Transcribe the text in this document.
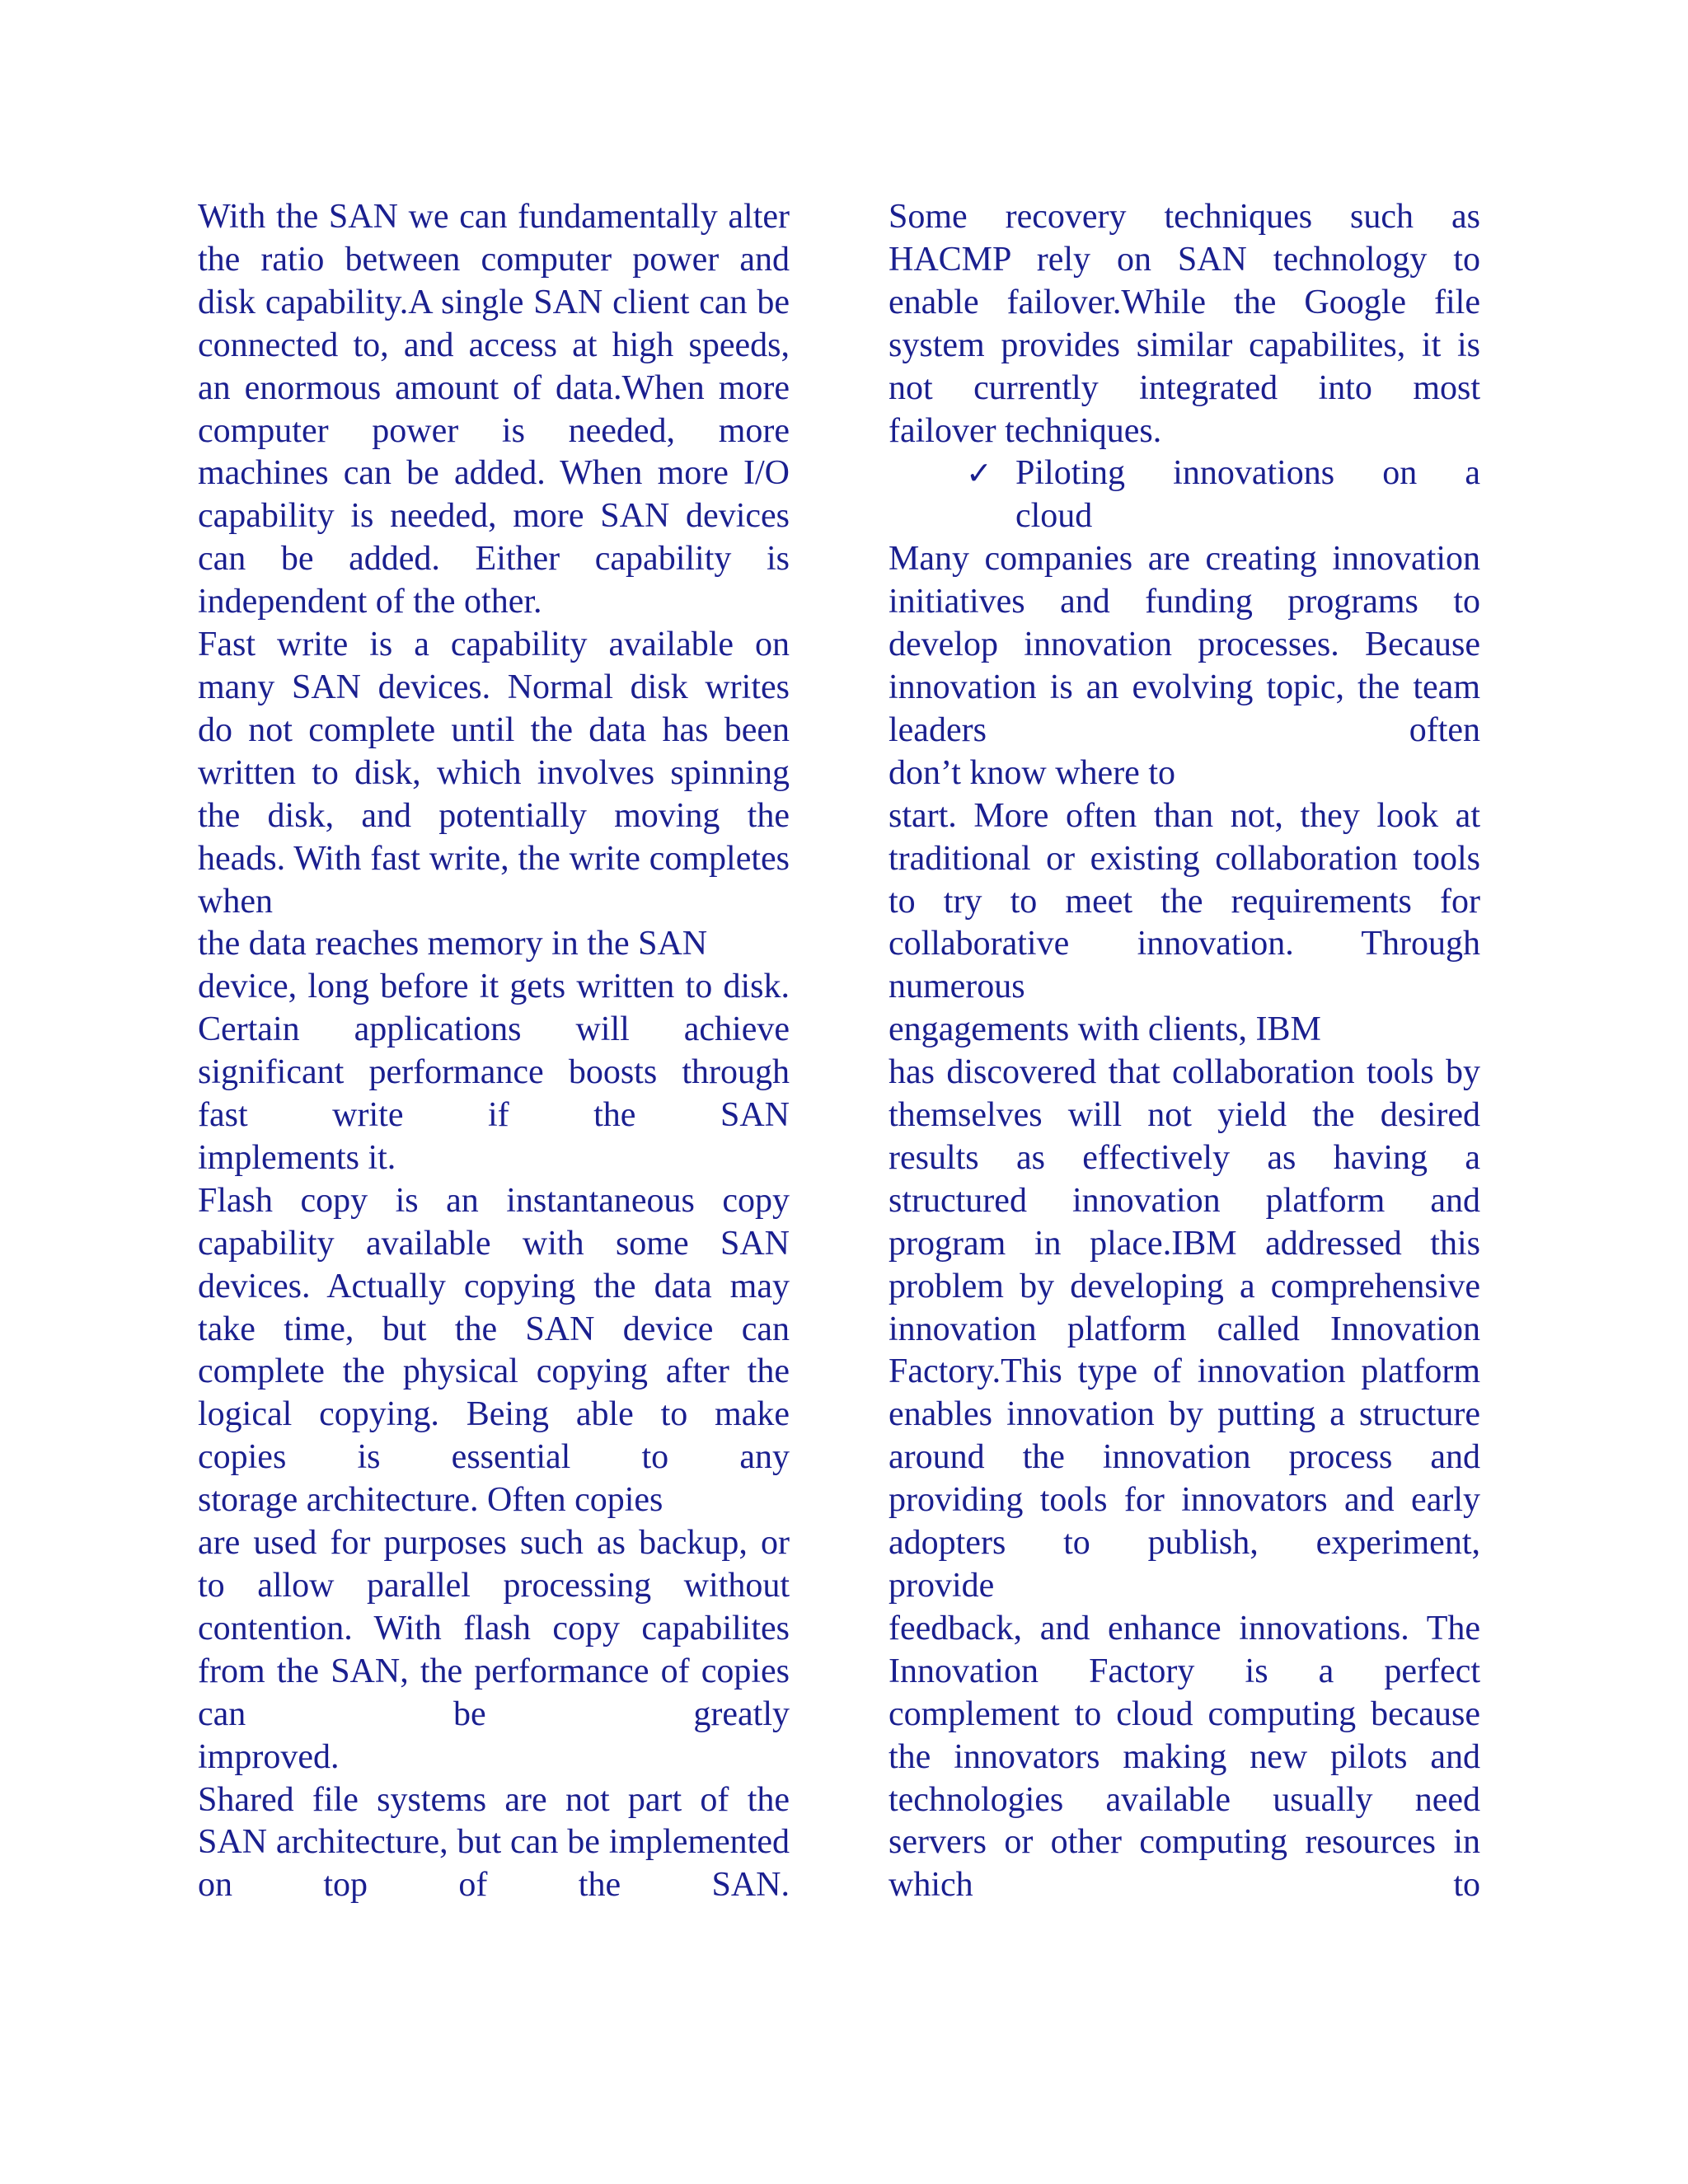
With the SAN we can fundamentally alter the ratio between computer power and disk capability.A single SAN client can be connected to, and access at high speeds, an enormous amount of data.When more computer power is needed, more machines can be added. When more I/O capability is needed, more SAN devices can be added. Either capability is
independent of the other.
Fast write is a capability available on many SAN devices. Normal disk writes do not complete until the data has been written to disk, which involves spinning the disk, and potentially moving the heads. With fast write, the write completes when
the data reaches memory in the SAN
device, long before it gets written to disk. Certain applications will achieve significant performance boosts through fast write if the SAN
implements it.
Flash copy is an instantaneous copy capability available with some SAN devices. Actually copying the data may take time, but the SAN device can complete the physical copying after the logical copying. Being able to make copies is essential to any
storage architecture. Often copies
are used for purposes such as backup, or to allow parallel processing without contention. With flash copy capabilites from the SAN, the performance of copies can be greatly
improved.
Shared file systems are not part of the SAN architecture, but can be implemented on top of the SAN.
Some recovery techniques such as HACMP rely on SAN technology to enable failover.While the Google file system provides similar capabilites, it is not currently integrated into most
failover techniques.
✓ Piloting innovations on a
cloud
Many companies are creating innovation initiatives and funding programs to develop innovation processes. Because innovation is an evolving topic, the team leaders often
don’t know where to
start. More often than not, they look at traditional or existing collaboration tools to try to meet the requirements for collaborative innovation. Through numerous
engagements with clients, IBM
has discovered that collaboration tools by themselves will not yield the desired results as effectively as having a structured innovation platform and program in place.IBM addressed this problem by developing a comprehensive innovation platform called Innovation Factory.This type of innovation platform enables innovation by putting a structure around the innovation process and providing tools for innovators and early adopters to publish, experiment,
provide
feedback, and enhance innovations. The Innovation Factory is a perfect complement to cloud computing because the innovators making new pilots and technologies available usually need servers or other computing resources in which to
